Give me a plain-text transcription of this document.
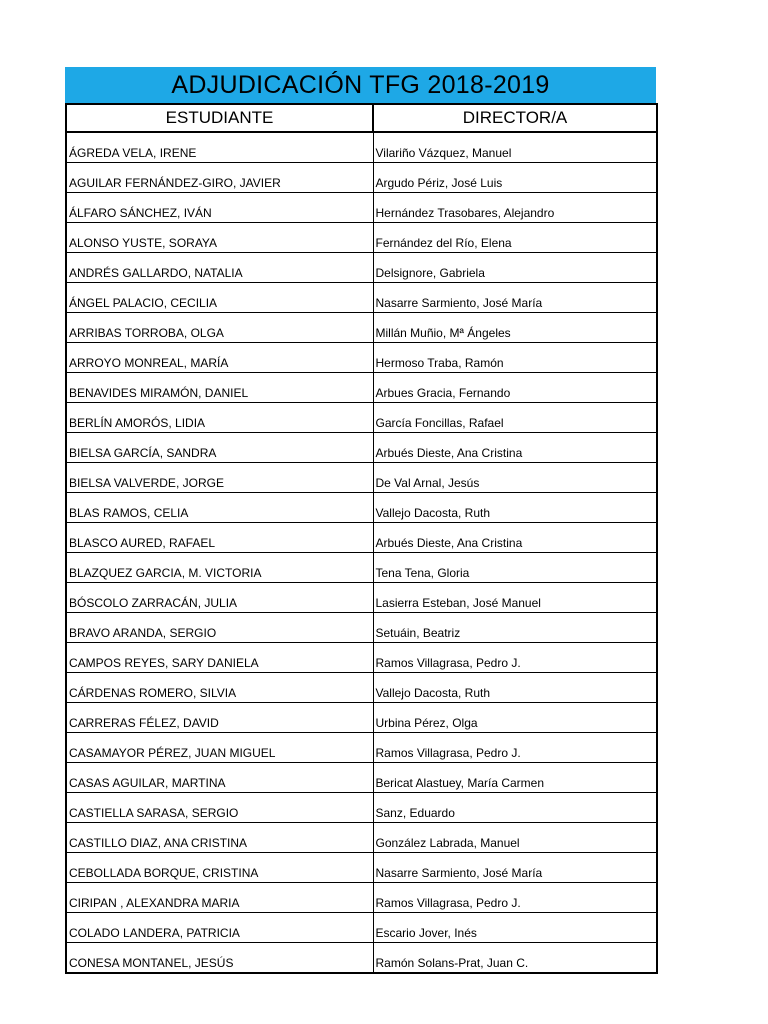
ADJUDICACIÓN TFG 2018-2019
ESTUDIANTE	DIRECTOR/A
ÁGREDA VELA, IRENE	Vilariño Vázquez, Manuel
AGUILAR FERNÁNDEZ-GIRO, JAVIER	Argudo Périz, José Luis
ÁLFARO SÁNCHEZ, IVÁN	Hernández Trasobares, Alejandro
ALONSO YUSTE, SORAYA	Fernández del Río, Elena
ANDRÉS GALLARDO, NATALIA	Delsignore, Gabriela
ÁNGEL PALACIO, CECILIA	Nasarre Sarmiento, José María
ARRIBAS TORROBA, OLGA	Millán Muñio, Mª Ángeles
ARROYO MONREAL, MARÍA	Hermoso Traba, Ramón
BENAVIDES MIRAMÓN, DANIEL	Arbues Gracia, Fernando
BERLÍN AMORÓS, LIDIA	García Foncillas, Rafael
BIELSA GARCÍA, SANDRA	Arbués Dieste, Ana Cristina
BIELSA VALVERDE, JORGE	De Val Arnal, Jesús
BLAS RAMOS, CELIA	Vallejo Dacosta, Ruth
BLASCO AURED, RAFAEL	Arbués Dieste, Ana Cristina
BLAZQUEZ GARCIA, M. VICTORIA	Tena Tena, Gloria
BÓSCOLO ZARRACÁN, JULIA	Lasierra Esteban, José Manuel
BRAVO ARANDA, SERGIO	Setuáin, Beatriz
CAMPOS REYES, SARY DANIELA	Ramos Villagrasa, Pedro J.
CÁRDENAS ROMERO, SILVIA	Vallejo Dacosta, Ruth
CARRERAS FÉLEZ, DAVID	Urbina Pérez, Olga
CASAMAYOR PÉREZ, JUAN MIGUEL	Ramos Villagrasa, Pedro J.
CASAS AGUILAR, MARTINA	Bericat Alastuey, María Carmen
CASTIELLA SARASA, SERGIO	Sanz, Eduardo
CASTILLO DIAZ, ANA CRISTINA	González Labrada, Manuel
CEBOLLADA BORQUE, CRISTINA	Nasarre Sarmiento, José María
CIRIPAN , ALEXANDRA MARIA	Ramos Villagrasa, Pedro J.
COLADO LANDERA, PATRICIA	Escario Jover, Inés
CONESA MONTANEL, JESÚS	Ramón Solans-Prat, Juan C.
